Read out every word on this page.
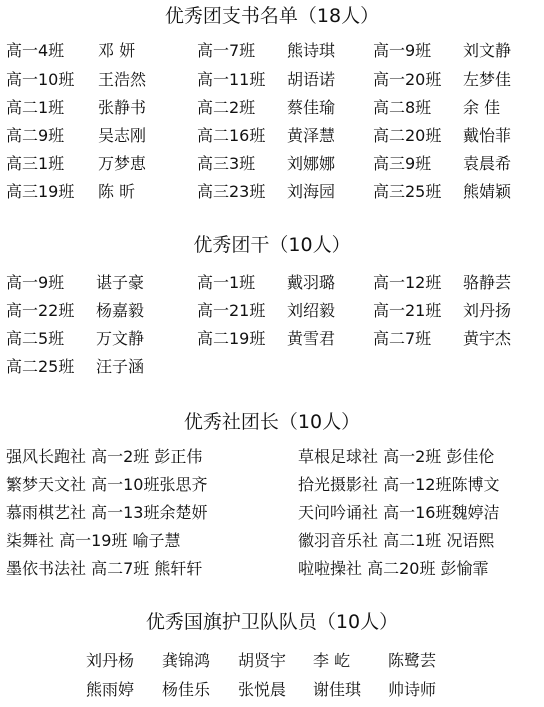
优秀团支书名单（18人）
高一4班 邓 妍	高一7班 熊诗琪 高一9班 刘文静
高一10班 王浩然	高一11班 胡语诺 高一20班 左梦佳
高二1班 张静书	高二2班 蔡佳瑜 高二8班 余 佳
高二9班 吴志刚	高二16班 黄泽慧 高二20班 戴怡菲
高三1班 万梦恵	高三3班 刘娜娜 高三9班 袁晨希
高三19班 陈 昕	高三23班 刘海园 高三25班 熊婧颖
优秀团干（10人）
高一9班 谌子豪	高一1班 戴羽璐 高一12班 骆静芸
高一22班 杨嘉毅	高一21班 刘绍毅 高一21班 刘丹扬
高二5班 万文静	高二19班 黄雪君 高二7班 黄宇杰
高二25班 汪子涵
优秀社团长（10人）
强风长跑社 高一2班 彭正伟	草根足球社 高一2班 彭佳伦
繁梦天文社 高一10班张思齐	拾光摄影社 高一12班陈博文
慕雨棋艺社 高一13班余楚妍	天问吟诵社 高一16班魏婷洁
柒舞社 高一19班 喻子慧	徽羽音乐社 高二1班 况语熙
墨依书法社 高二7班 熊轩轩	啦啦操社 高二20班 彭愉霏
优秀国旗护卫队队员（10人）
刘丹杨 龚锦鸿 胡贤宇 李 屹 陈鹭芸
熊雨婷 杨佳乐 张悦晨 谢佳琪 帅诗师
